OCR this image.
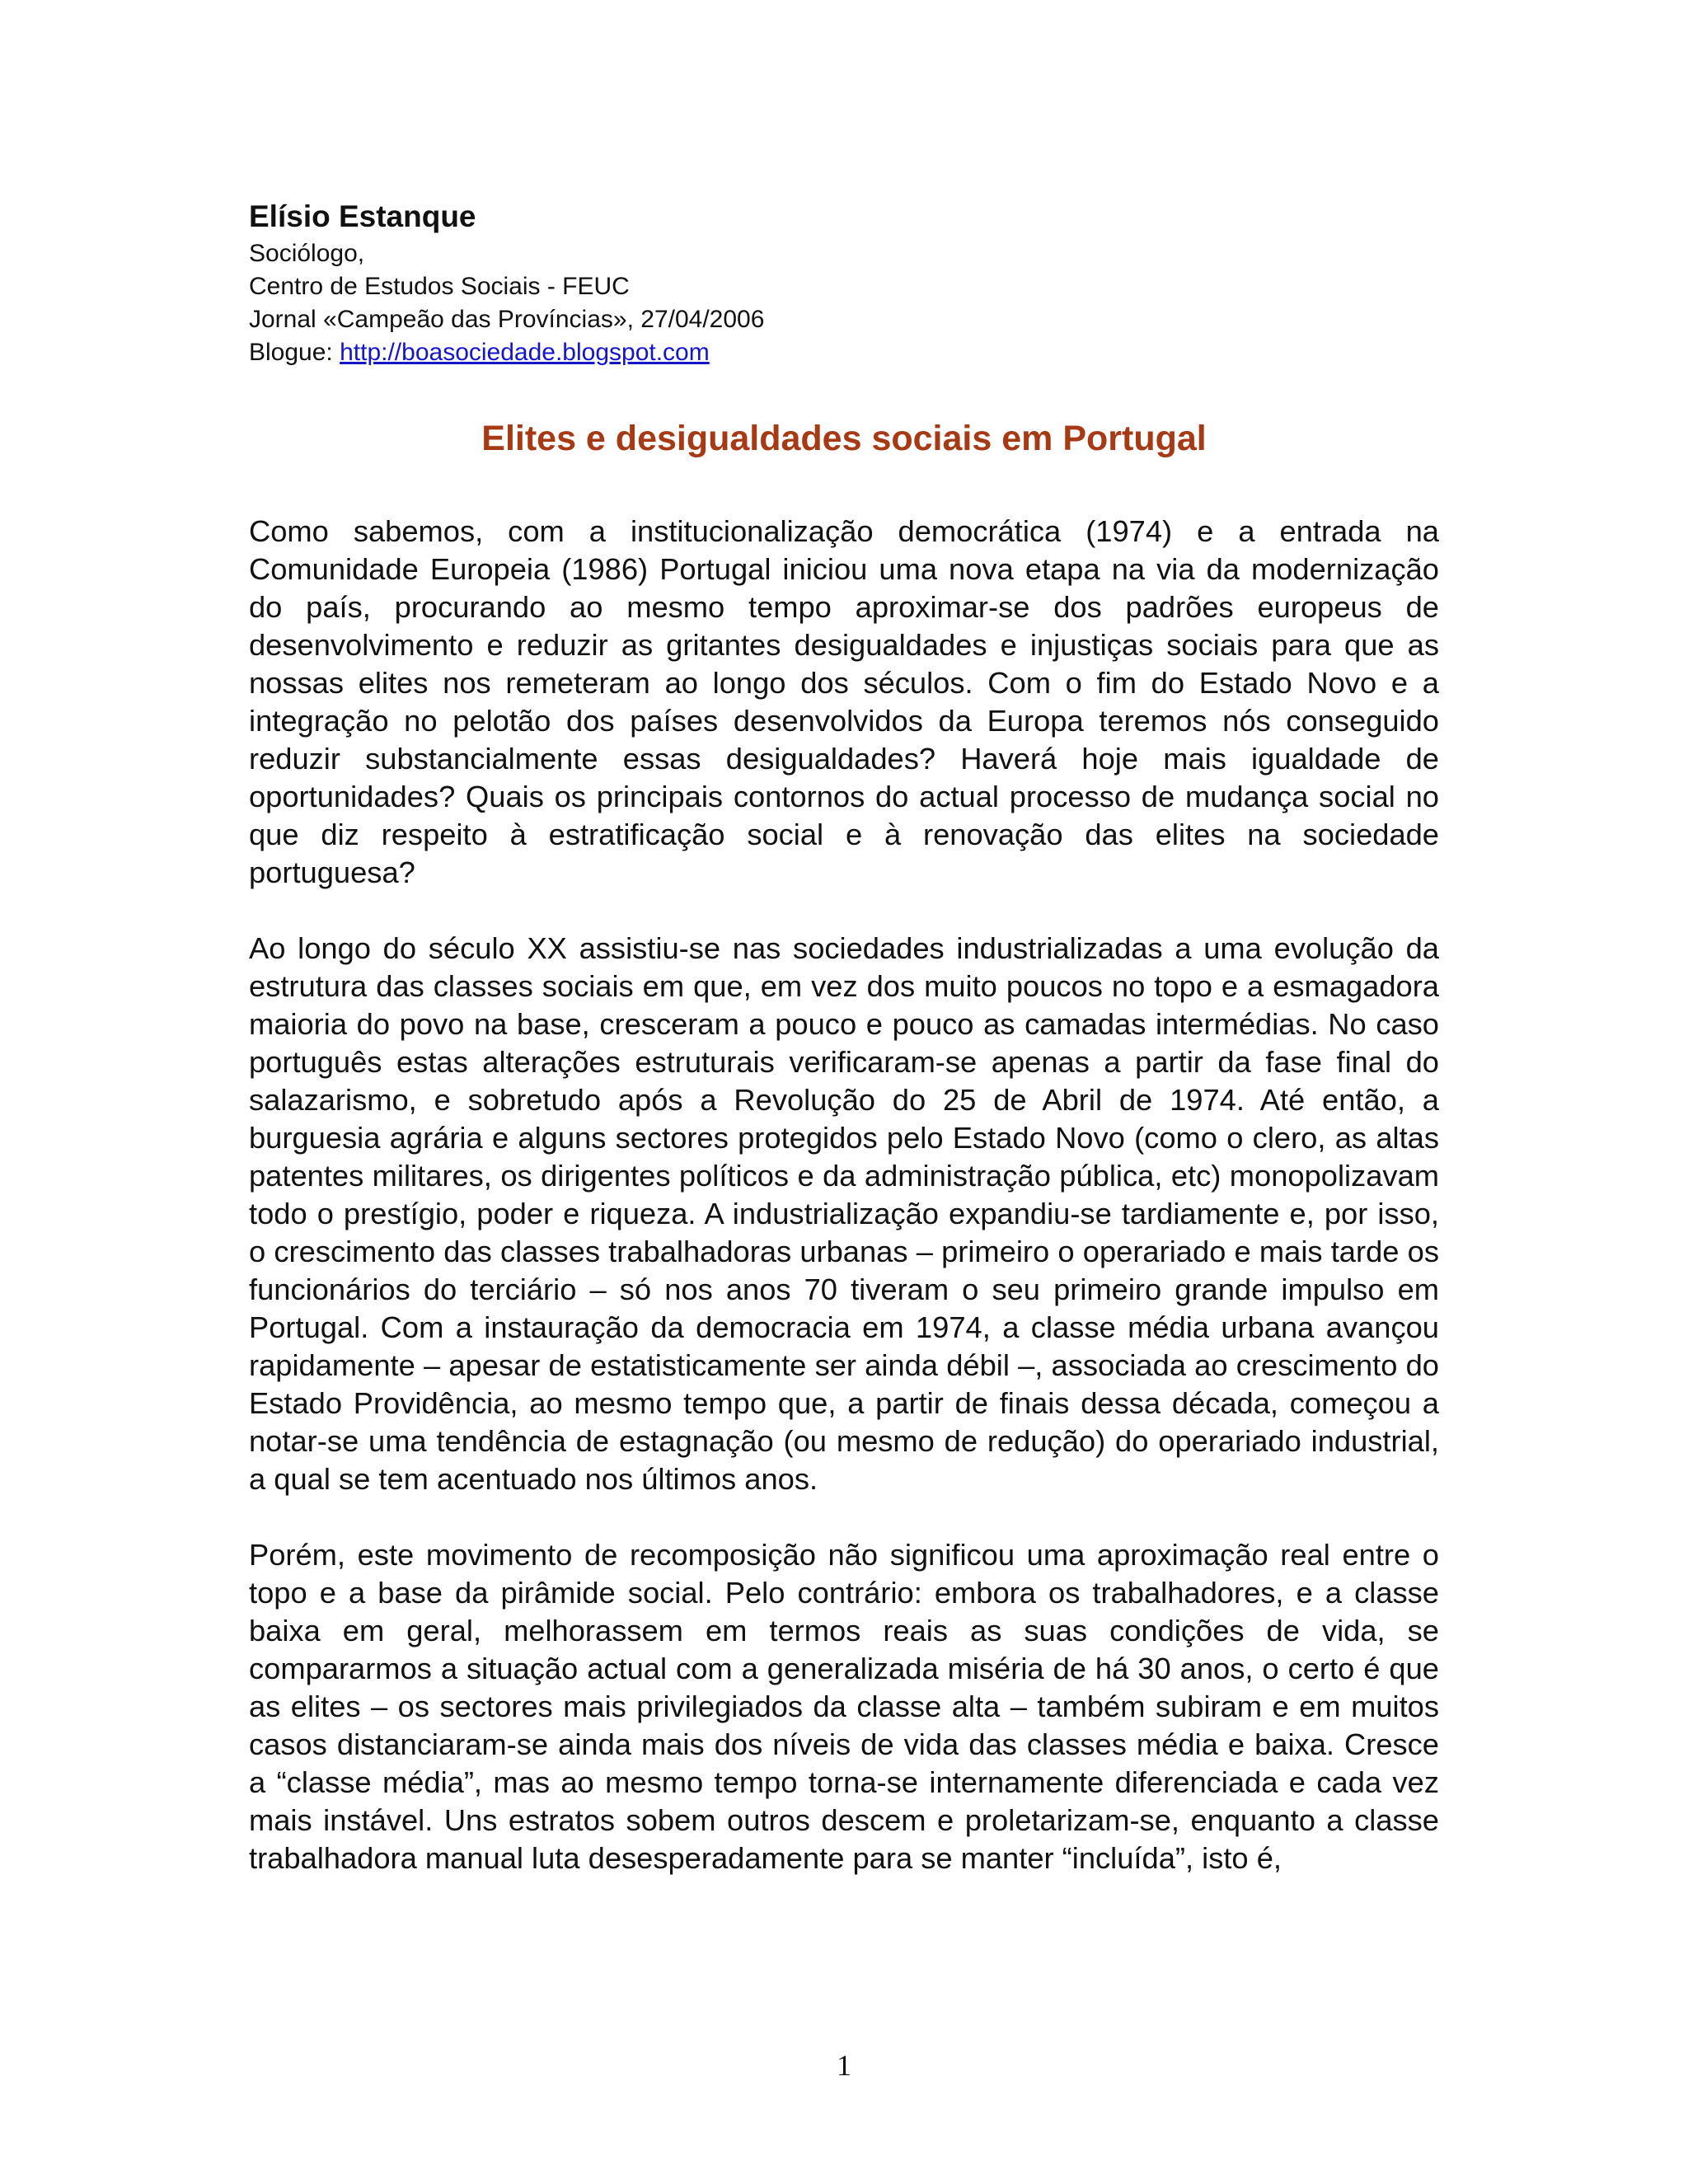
Elísio Estanque

Sociólogo,

Centro de Estudos Sociais - FEUC

Jornal «Campeão das Províncias», 27/04/2006

Blogue: http://boasociedade.blogspot.com

Elites e desigualdades sociais em Portugal

Como sabemos, com a institucionalização democrática (1974) e a entrada na Comunidade Europeia (1986) Portugal iniciou uma nova etapa na via da modernização do país, procurando ao mesmo tempo aproximar-se dos padrões europeus de desenvolvimento e reduzir as gritantes desigualdades e injustiças sociais para que as nossas elites nos remeteram ao longo dos séculos. Com o fim do Estado Novo e a integração no pelotão dos países desenvolvidos da Europa teremos nós conseguido reduzir substancialmente essas desigualdades? Haverá hoje mais igualdade de oportunidades? Quais os principais contornos do actual processo de mudança social no que diz respeito à estratificação social e à renovação das elites na sociedade portuguesa?

Ao longo do século XX assistiu-se nas sociedades industrializadas a uma evolução da estrutura das classes sociais em que, em vez dos muito poucos no topo e a esmagadora maioria do povo na base, cresceram a pouco e pouco as camadas intermédias. No caso português estas alterações estruturais verificaram-se apenas a partir da fase final do salazarismo, e sobretudo após a Revolução do 25 de Abril de 1974. Até então, a burguesia agrária e alguns sectores protegidos pelo Estado Novo (como o clero, as altas patentes militares, os dirigentes políticos e da administração pública, etc) monopolizavam todo o prestígio, poder e riqueza. A industrialização expandiu-se tardiamente e, por isso, o crescimento das classes trabalhadoras urbanas – primeiro o operariado e mais tarde os funcionários do terciário – só nos anos 70 tiveram o seu primeiro grande impulso em Portugal. Com a instauração da democracia em 1974, a classe média urbana avançou rapidamente – apesar de estatisticamente ser ainda débil –, associada ao crescimento do Estado Providência, ao mesmo tempo que, a partir de finais dessa década, começou a notar-se uma tendência de estagnação (ou mesmo de redução) do operariado industrial, a qual se tem acentuado nos últimos anos.

Porém, este movimento de recomposição não significou uma aproximação real entre o topo e a base da pirâmide social. Pelo contrário: embora os trabalhadores, e a classe baixa em geral, melhorassem em termos reais as suas condições de vida, se compararmos a situação actual com a generalizada miséria de há 30 anos, o certo é que as elites – os sectores mais privilegiados da classe alta – também subiram e em muitos casos distanciaram-se ainda mais dos níveis de vida das classes média e baixa. Cresce a “classe média”, mas ao mesmo tempo torna-se internamente diferenciada e cada vez mais instável. Uns estratos sobem outros descem e proletarizam-se, enquanto a classe trabalhadora manual luta desesperadamente para se manter “incluída”, isto é,

1
